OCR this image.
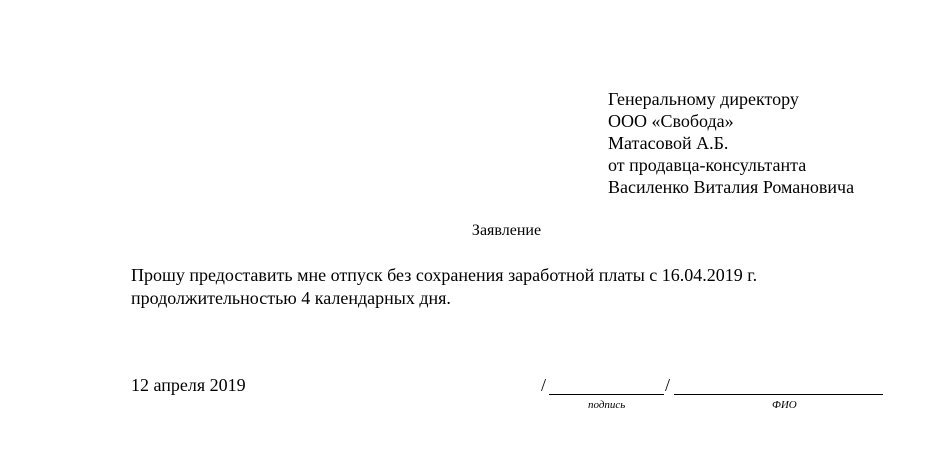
Генеральному директору
ООО «Свобода»
Матасовой А.Б.
от продавца-консультанта
Василенко Виталия Романовича
Заявление
Прошу предоставить мне отпуск без сохранения заработной платы с 16.04.2019 г.
продолжительностью 4 календарных дня.
12 апреля 2019	/	/
подпись	ФИО
